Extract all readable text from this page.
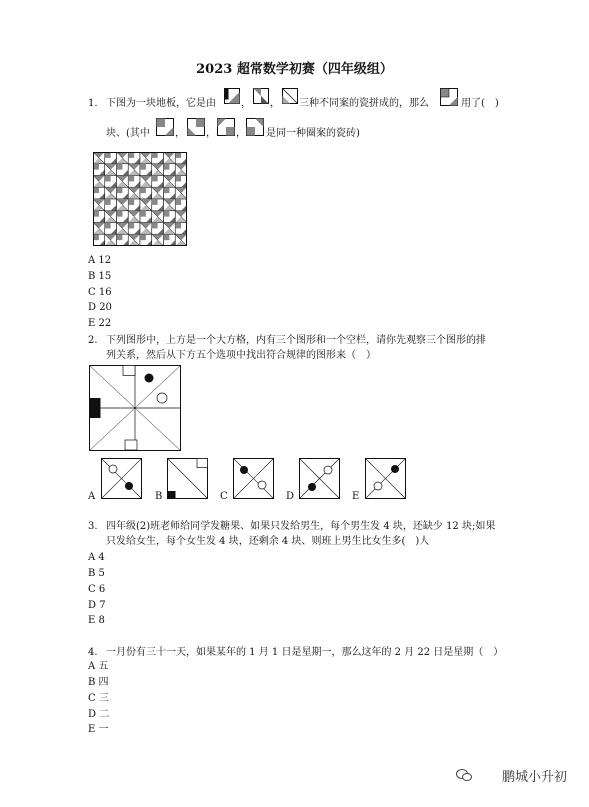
2023 超常数学初赛（四年级组）
1. 下图为一块地板，它是由	， ， 三种不同案的瓷拼成的，那么	用了(　)
块、(其中	， ， ， 是同一种圈案的瓷砖)
A 12
B 15
C 16
D 20
E 22
2. 下列图形中，上方是一个大方格，内有三个图形和一个空栏，请你先观察三个图形的排
列关系，然后从下方五个选项中找出符合规律的图形来（　）
A	B	C	D	E
3. 四年级(2)班老师给同学发糖果、如果只发给男生，每个男生发 4 块，还缺少 12 块;如果
只发给女生，每个女生发 4 块，还剩余 4 块、则班上男生比女生多(　)人
A 4
B 5
C 6
D 7
E 8
4. 一月份有三十一天，如果某年的 1 月 1 日是星期一，那么这年的 2 月 22 日是星期（　）
A 五
B 四
C 三
D 二
E 一
鹏城小升初
